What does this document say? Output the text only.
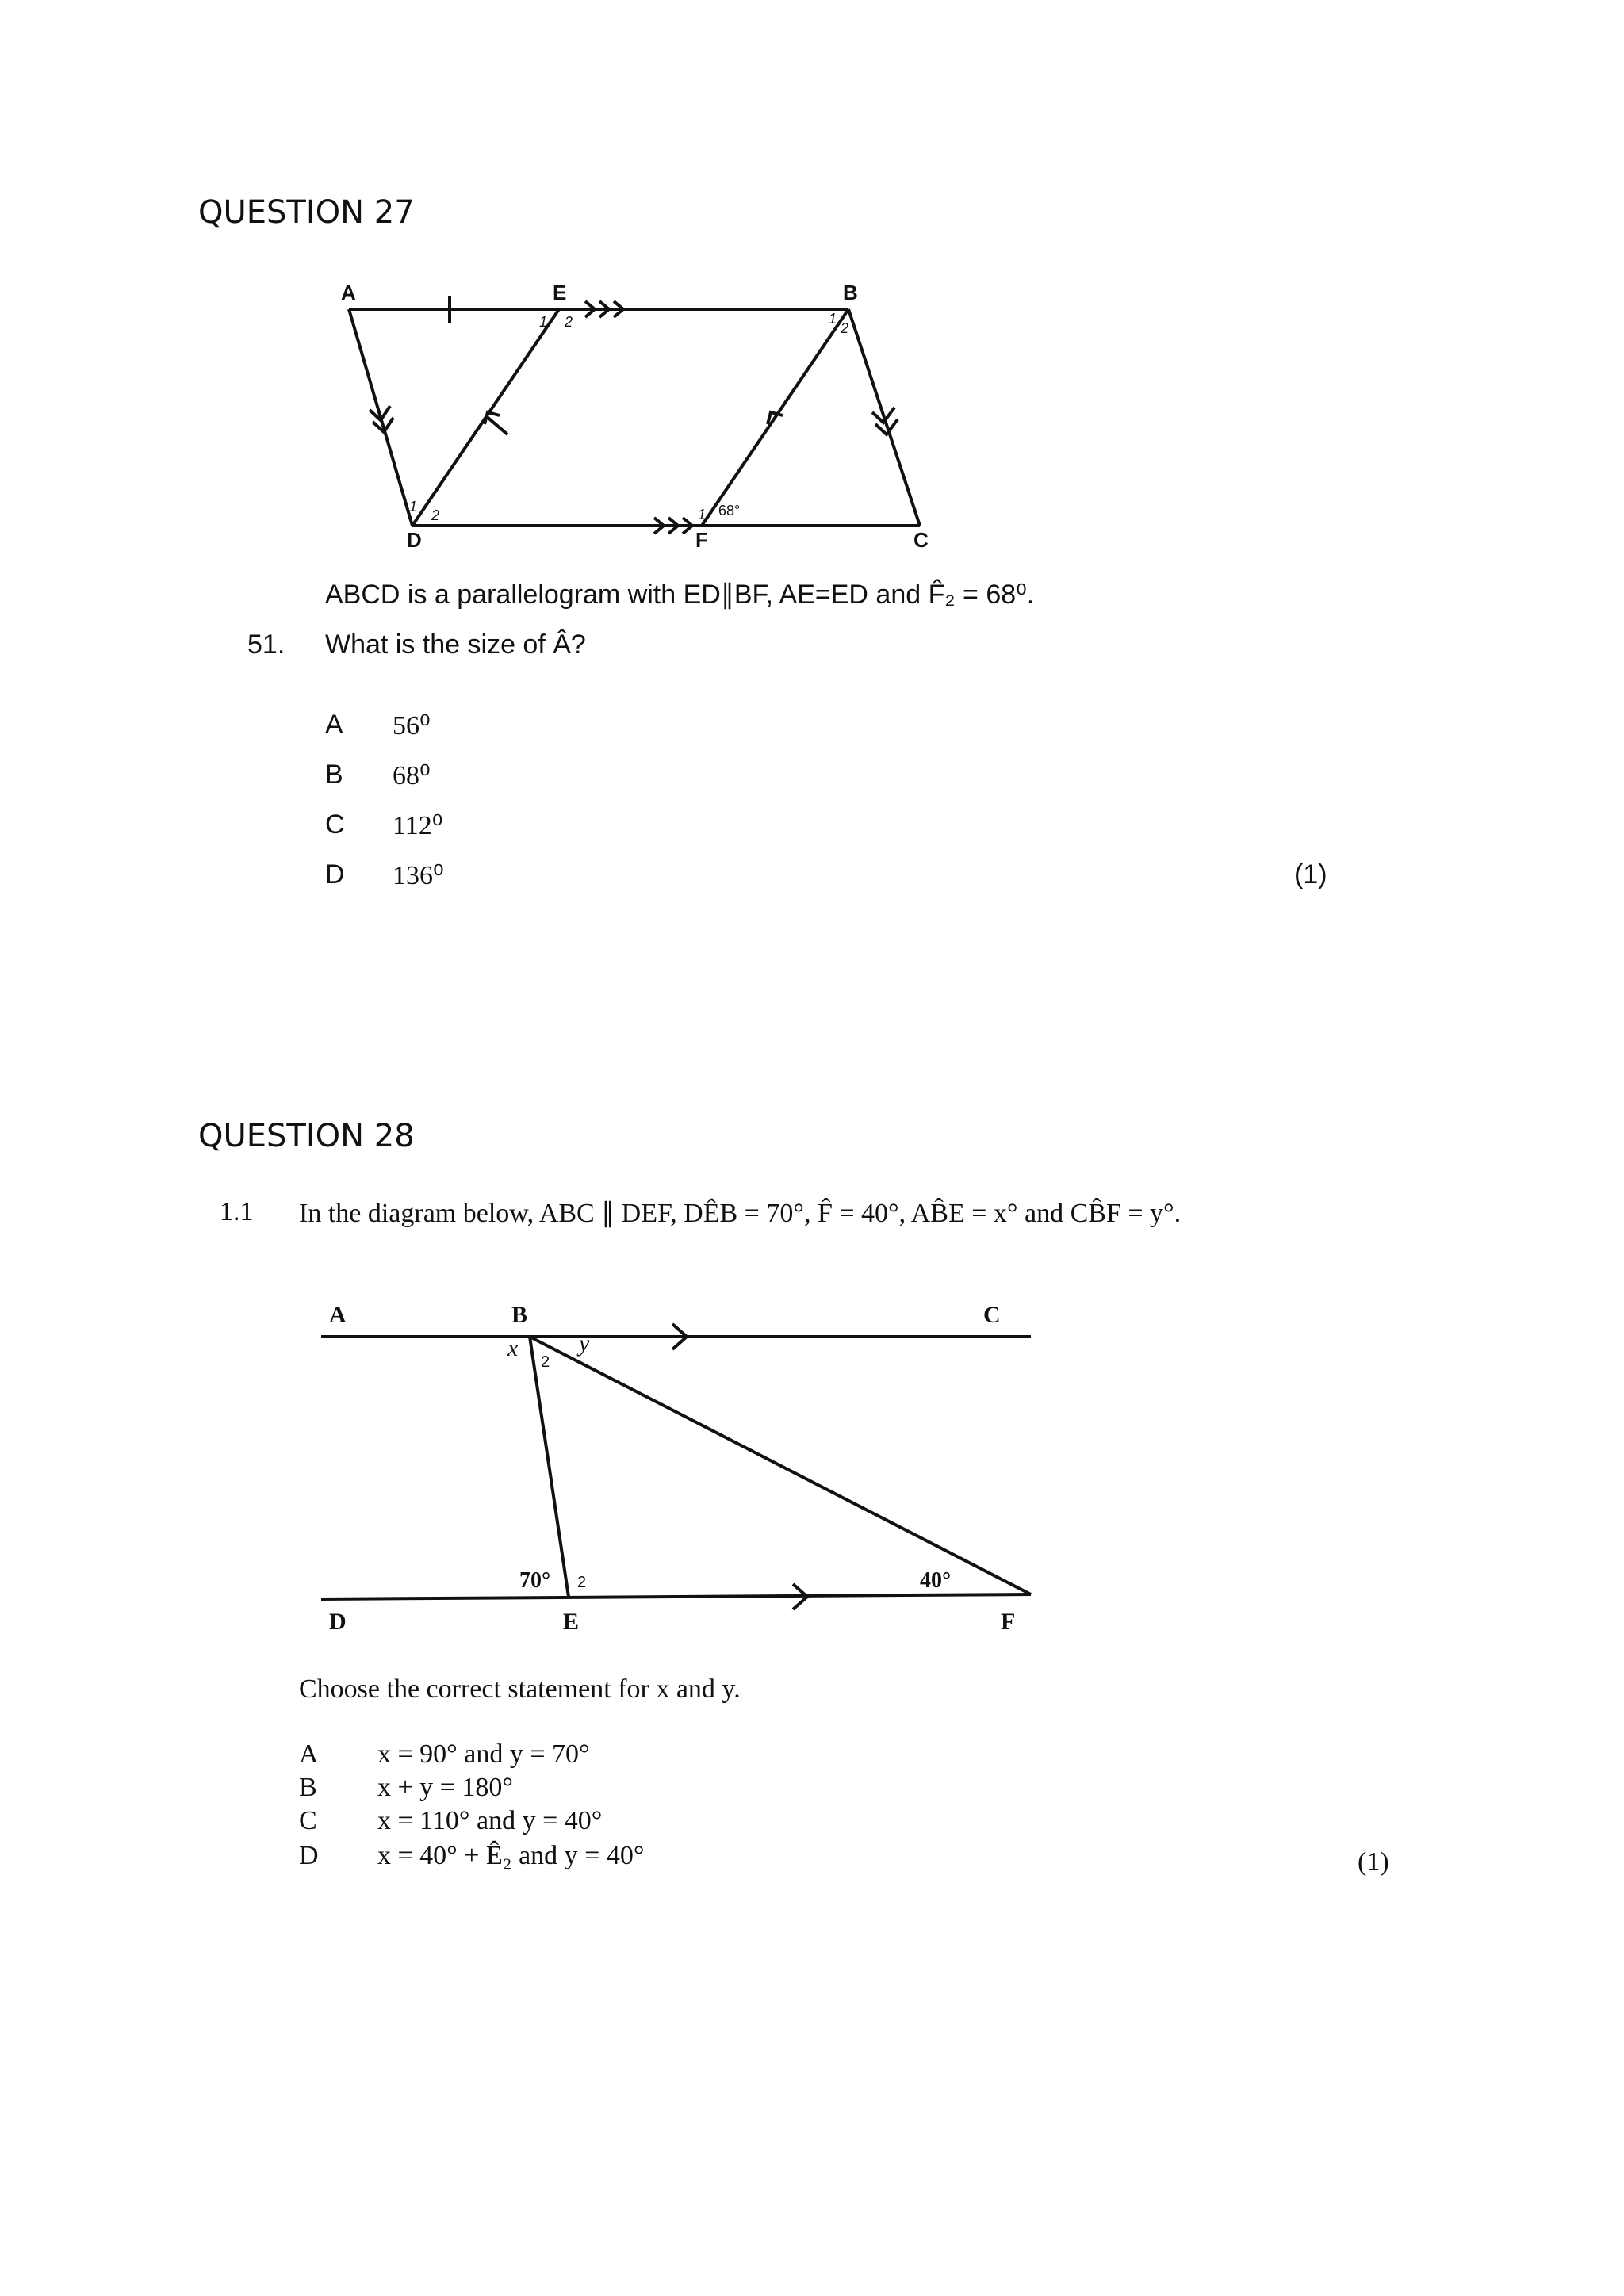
QUESTION 27
A	E	B
D	F	C
1 2	1
2
1
2	1 68°
ABCD is a parallelogram with ED∥BF, AE=ED and F̂₂ = 68⁰.
51. What is the size of Â?
A 56⁰
B 68⁰
C 112⁰
D 136⁰	(1)
QUESTION 28
1.1 In the diagram below, ABC ∥ DEF, DÊB = 70°, F̂ = 40°, AB̂E = x° and CB̂F = y°.
A	B	C
D	E	F
x
2
y
70° 2	40°
Choose the correct statement for x and y.
A x = 90° and y = 70°
B x + y = 180°
C x = 110° and y = 40°
D x = 40° + Ê₂ and y = 40°	(1)
